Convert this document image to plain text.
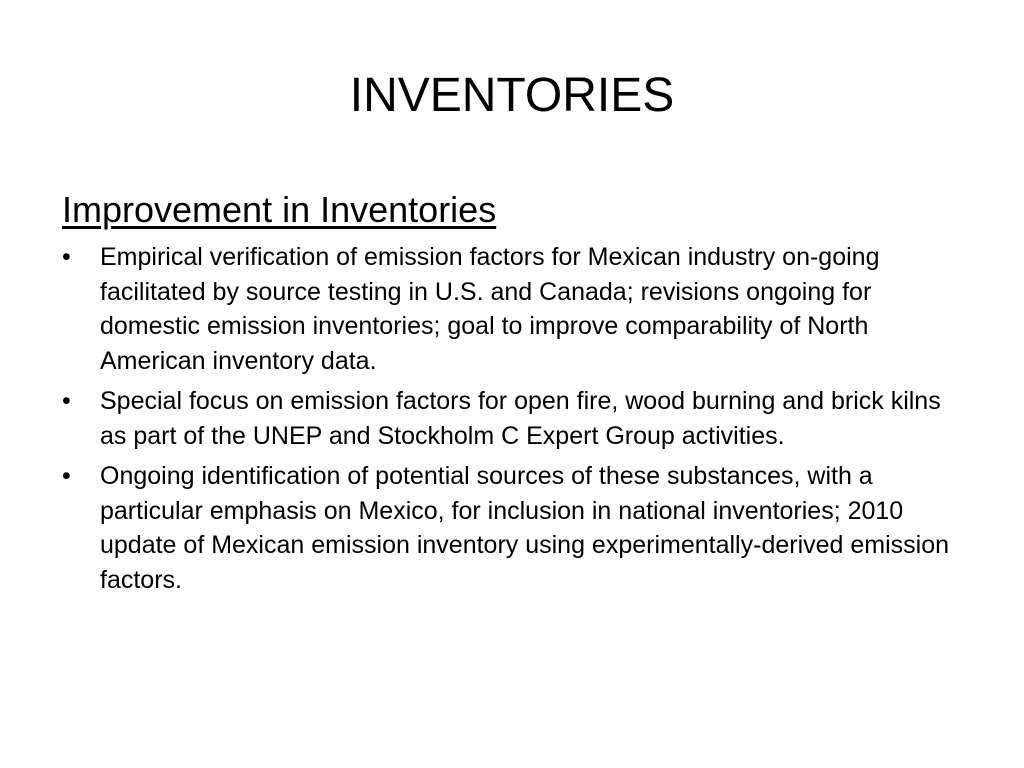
INVENTORIES
Improvement in Inventories
•	Empirical verification of emission factors for Mexican industry on-going facilitated by source testing in U.S. and Canada; revisions ongoing for domestic emission inventories; goal to improve comparability of North American inventory data.
•	Special focus on emission factors for open fire, wood burning and brick kilns as part of the UNEP and Stockholm C Expert Group activities.
•	Ongoing identification of potential sources of these substances, with a particular emphasis on Mexico, for inclusion in national inventories; 2010 update of Mexican emission inventory using experimentally-derived emission factors.
